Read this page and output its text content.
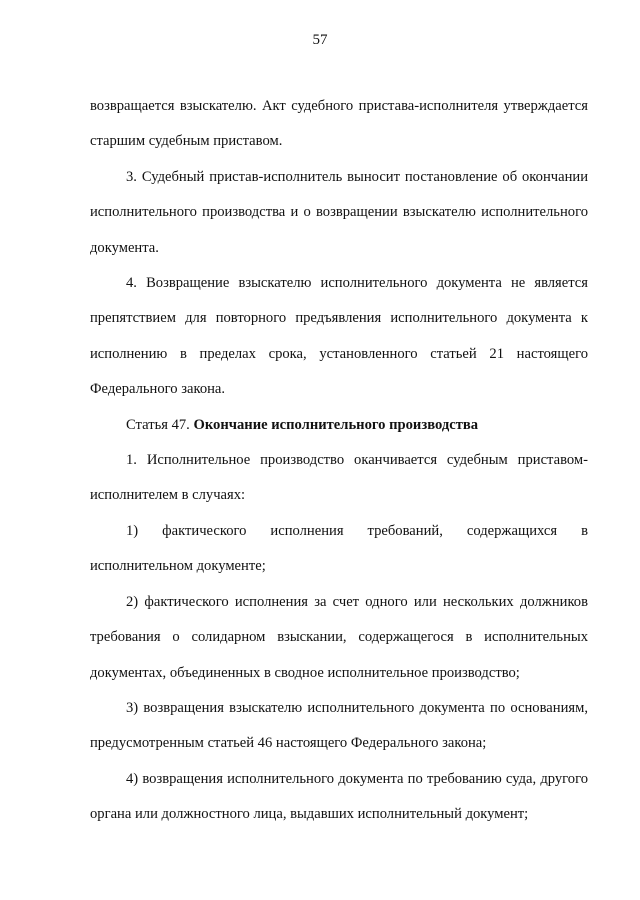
57

возвращается взыскателю. Акт судебного пристава-исполнителя утверждается старшим судебным приставом.

3. Судебный пристав-исполнитель выносит постановление об окончании исполнительного производства и о возвращении взыскателю исполнительного документа.

4. Возвращение взыскателю исполнительного документа не является препятствием для повторного предъявления исполнительного документа к исполнению в пределах срока, установленного статьей 21 настоящего Федерального закона.

Статья 47. Окончание исполнительного производства

1. Исполнительное производство оканчивается судебным приставом-исполнителем в случаях:

1) фактического исполнения требований, содержащихся в исполнительном документе;

2) фактического исполнения за счет одного или нескольких должников требования о солидарном взыскании, содержащегося в исполнительных документах, объединенных в сводное исполнительное производство;

3) возвращения взыскателю исполнительного документа по основаниям, предусмотренным статьей 46 настоящего Федерального закона;

4) возвращения исполнительного документа по требованию суда, другого органа или должностного лица, выдавших исполнительный документ;
